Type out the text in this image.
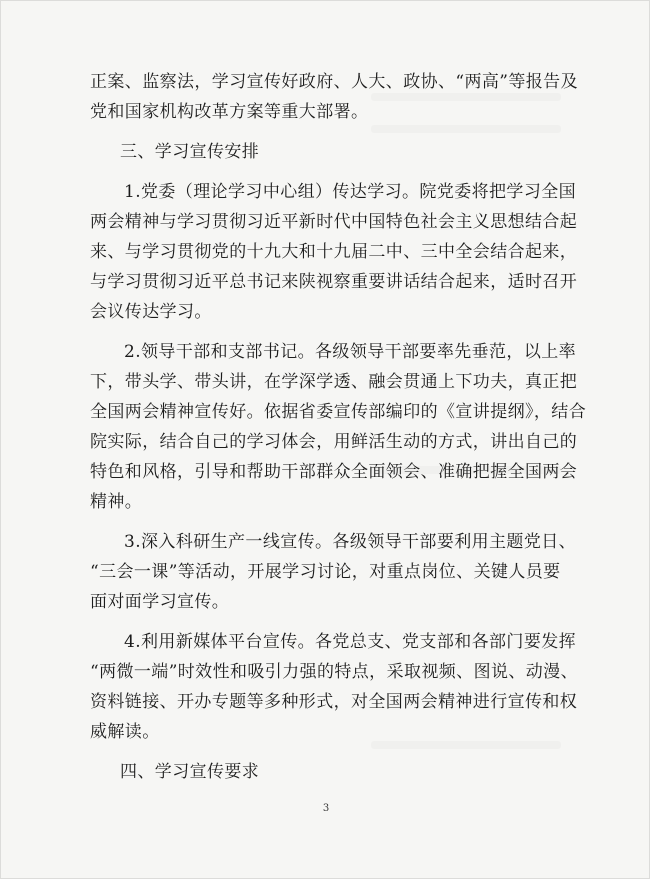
正案、监察法，学习宣传好政府、人大、政协、“两高”等报告及
党和国家机构改革方案等重大部署。
三、学习宣传安排
1.党委（理论学习中心组）传达学习。院党委将把学习全国
两会精神与学习贯彻习近平新时代中国特色社会主义思想结合起
来、与学习贯彻党的十九大和十九届二中、三中全会结合起来，
与学习贯彻习近平总书记来陕视察重要讲话结合起来，适时召开
会议传达学习。
2.领导干部和支部书记。各级领导干部要率先垂范，以上率
下，带头学、带头讲，在学深学透、融会贯通上下功夫，真正把
全国两会精神宣传好。依据省委宣传部编印的《宣讲提纲》，结合
院实际，结合自己的学习体会，用鲜活生动的方式，讲出自己的
特色和风格，引导和帮助干部群众全面领会、准确把握全国两会
精神。
3.深入科研生产一线宣传。各级领导干部要利用主题党日、
“三会一课”等活动，开展学习讨论，对重点岗位、关键人员要
面对面学习宣传。
4.利用新媒体平台宣传。各党总支、党支部和各部门要发挥
“两微一端”时效性和吸引力强的特点，采取视频、图说、动漫、
资料链接、开办专题等多种形式，对全国两会精神进行宣传和权
威解读。
四、学习宣传要求
3
